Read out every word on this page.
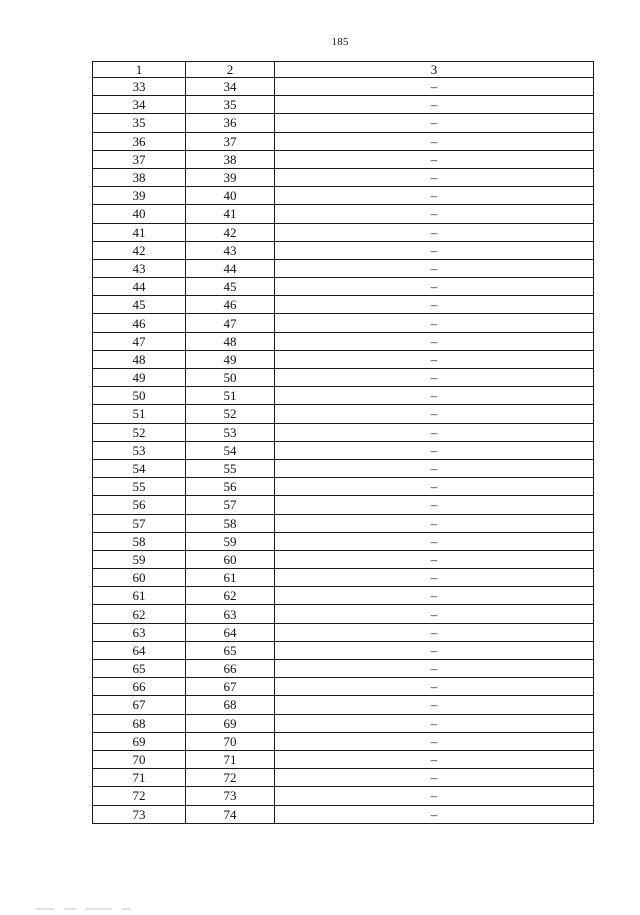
185
1	2	3
33	34	–
34	35	–
35	36	–
36	37	–
37	38	–
38	39	–
39	40	–
40	41	–
41	42	–
42	43	–
43	44	–
44	45	–
45	46	–
46	47	–
47	48	–
48	49	–
49	50	–
50	51	–
51	52	–
52	53	–
53	54	–
54	55	–
55	56	–
56	57	–
57	58	–
58	59	–
59	60	–
60	61	–
61	62	–
62	63	–
63	64	–
64	65	–
65	66	–
66	67	–
67	68	–
68	69	–
69	70	–
70	71	–
71	72	–
72	73	–
73	74	–
